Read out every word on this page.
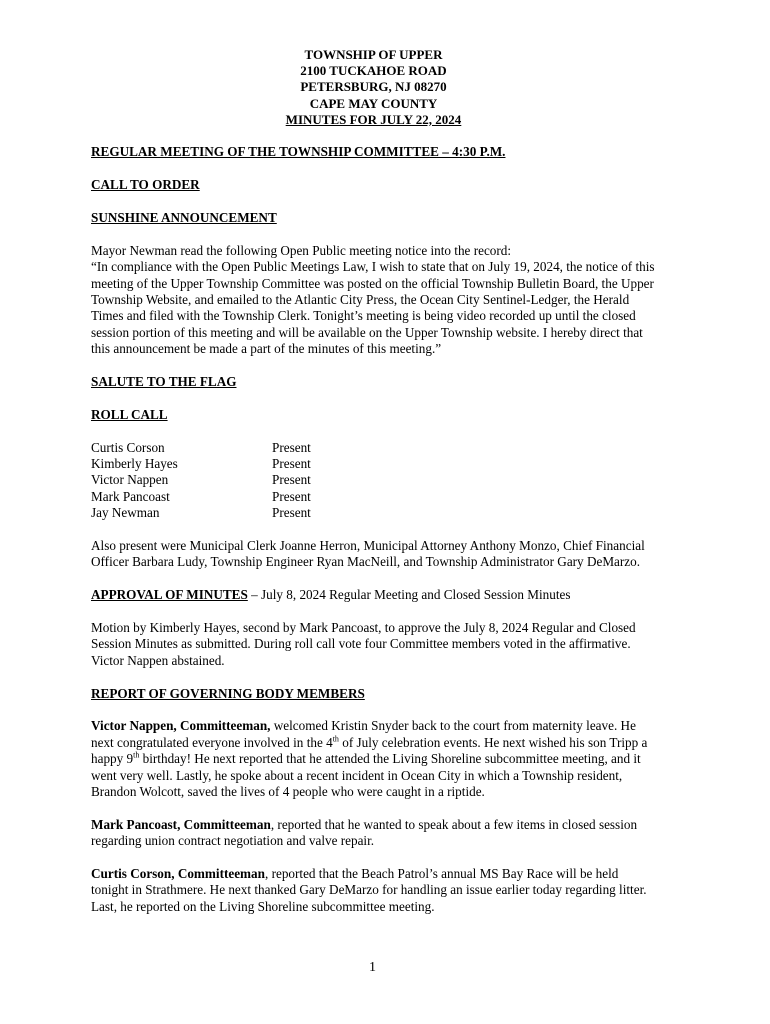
TOWNSHIP OF UPPER
2100 TUCKAHOE ROAD
PETERSBURG, NJ 08270
CAPE MAY COUNTY
MINUTES FOR JULY 22, 2024

REGULAR MEETING OF THE TOWNSHIP COMMITTEE – 4:30 P.M.

CALL TO ORDER

SUNSHINE ANNOUNCEMENT

Mayor Newman read the following Open Public meeting notice into the record:

“In compliance with the Open Public Meetings Law, I wish to state that on July 19, 2024, the notice of this meeting of the Upper Township Committee was posted on the official Township Bulletin Board, the Upper Township Website, and emailed to the Atlantic City Press, the Ocean City Sentinel-Ledger, the Herald Times and filed with the Township Clerk. Tonight’s meeting is being video recorded up until the closed session portion of this meeting and will be available on the Upper Township website. I hereby direct that this announcement be made a part of the minutes of this meeting.”

SALUTE TO THE FLAG

ROLL CALL

Curtis Corson	Present
Kimberly Hayes	Present
Victor Nappen	Present
Mark Pancoast	Present
Jay Newman	Present

Also present were Municipal Clerk Joanne Herron, Municipal Attorney Anthony Monzo, Chief Financial Officer Barbara Ludy, Township Engineer Ryan MacNeill, and Township Administrator Gary DeMarzo.

APPROVAL OF MINUTES – July 8, 2024 Regular Meeting and Closed Session Minutes

Motion by Kimberly Hayes, second by Mark Pancoast, to approve the July 8, 2024 Regular and Closed Session Minutes as submitted. During roll call vote four Committee members voted in the affirmative. Victor Nappen abstained.

REPORT OF GOVERNING BODY MEMBERS

Victor Nappen, Committeeman, welcomed Kristin Snyder back to the court from maternity leave. He next congratulated everyone involved in the 4th of July celebration events. He next wished his son Tripp a happy 9th birthday! He next reported that he attended the Living Shoreline subcommittee meeting, and it went very well. Lastly, he spoke about a recent incident in Ocean City in which a Township resident, Brandon Wolcott, saved the lives of 4 people who were caught in a riptide.

Mark Pancoast, Committeeman, reported that he wanted to speak about a few items in closed session regarding union contract negotiation and valve repair.

Curtis Corson, Committeeman, reported that the Beach Patrol’s annual MS Bay Race will be held tonight in Strathmere. He next thanked Gary DeMarzo for handling an issue earlier today regarding litter. Last, he reported on the Living Shoreline subcommittee meeting.

1
